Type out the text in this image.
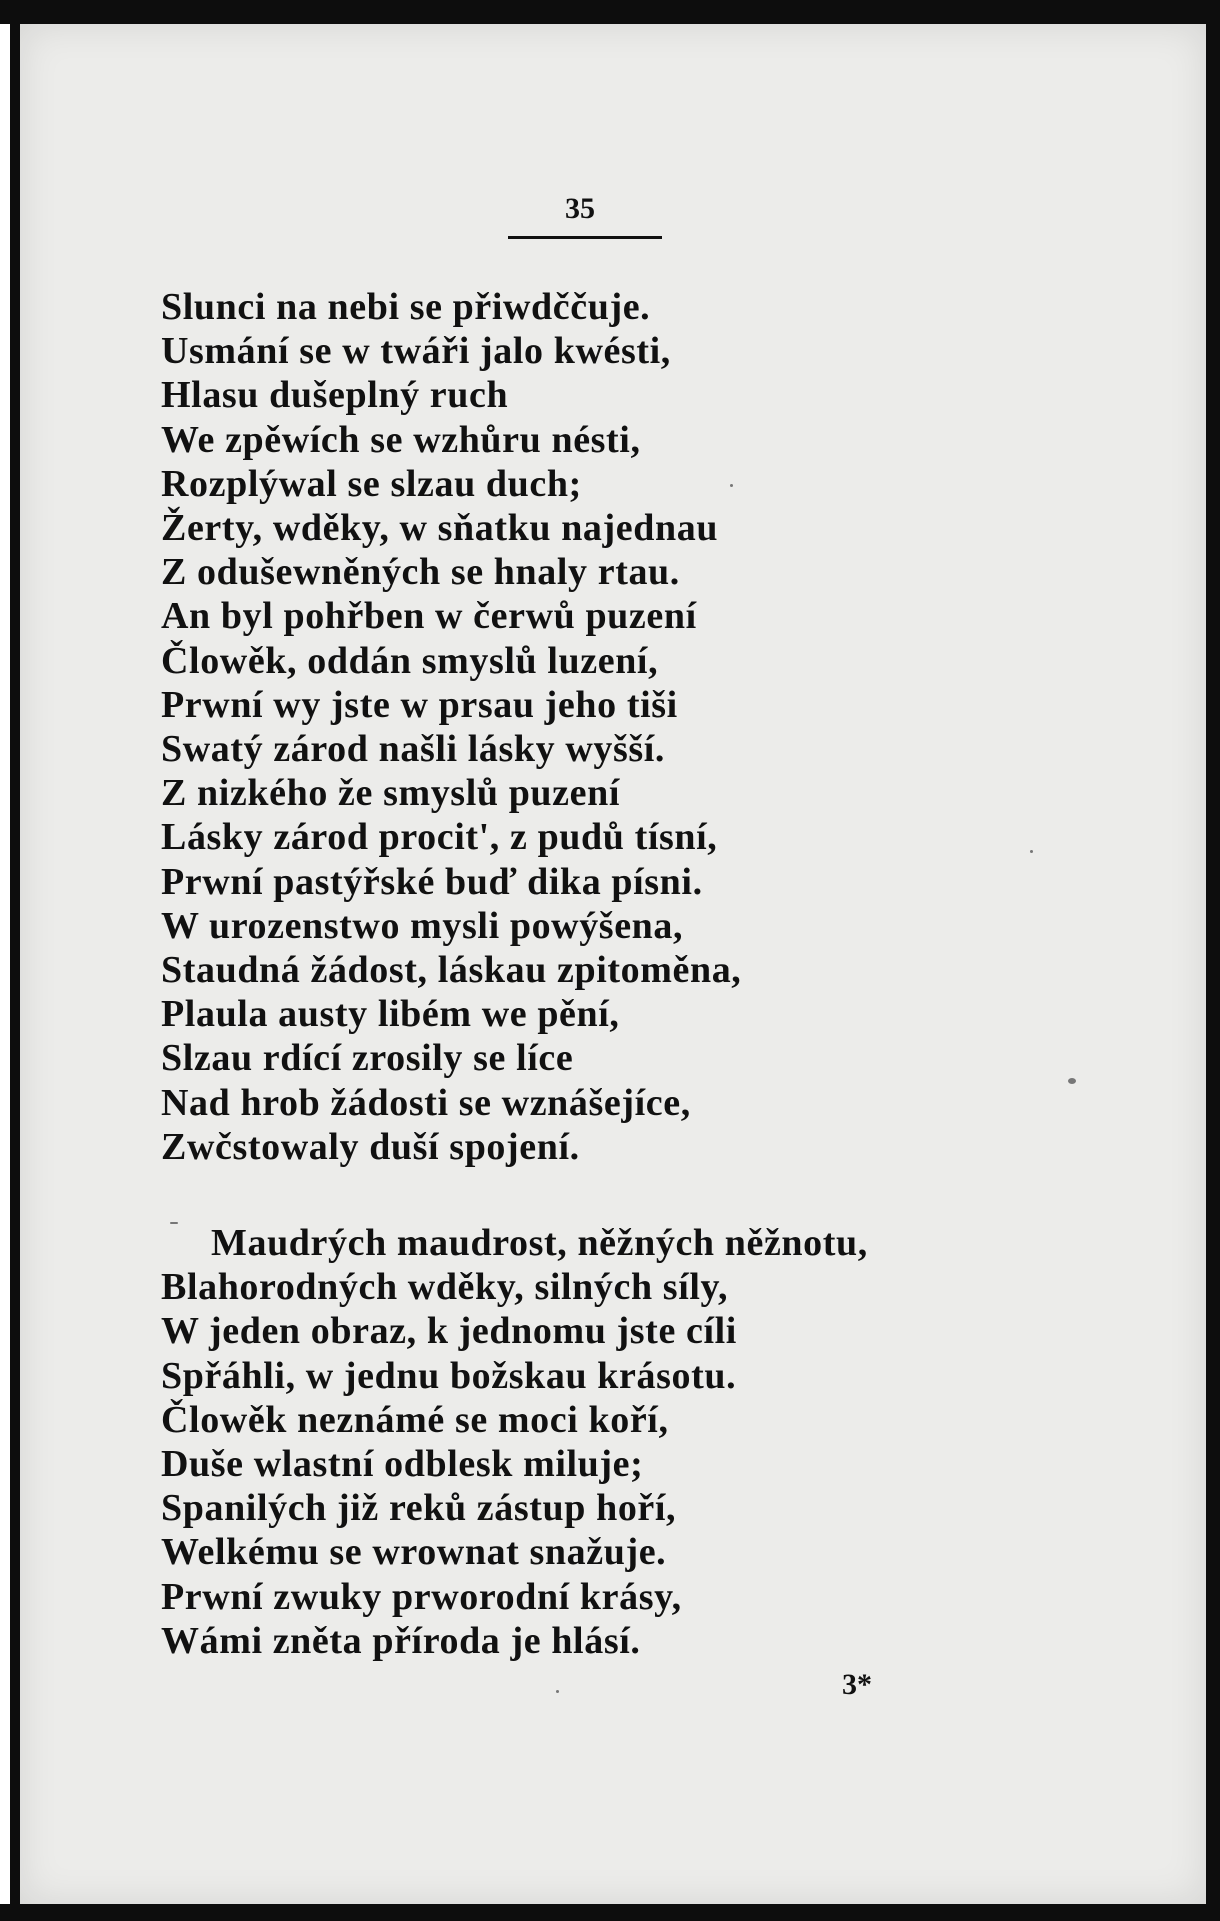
35
Slunci na nebi se přiwdččuje.
Usmání se w twáři jalo kwésti,
Hlasu dušeplný ruch
We zpěwích se wzhůru nésti,
Rozplýwal se slzau duch;
Žerty, wděky, w sňatku najednau
Z odušewněných se hnaly rtau.
An byl pohřben w čerwů puzení
Člowěk, oddán smyslů luzení,
Prwní wy jste w prsau jeho tiši
Swatý zárod našli lásky wyšší.
Z nizkého že smyslů puzení
Lásky zárod procit', z pudů tísní,
Prwní pastýřské buď dika písni.
W urozenstwo mysli powýšena,
Staudná žádost, láskau zpitoměna,
Plaula austy libém we pění,
Slzau rdící zrosily se líce
Nad hrob žádosti se wznášejíce,
Zwčstowaly duší spojení.
Maudrých maudrost, něžných něžnotu,
Blahorodných wděky, silných síly,
W jeden obraz, k jednomu jste cíli
Spřáhli, w jednu božskau krásotu.
Člowěk neznámé se moci koří,
Duše wlastní odblesk miluje;
Spanilých již reků zástup hoří,
Welkému se wrownat snažuje.
Prwní zwuky prworodní krásy,
Wámi zněta příroda je hlásí.
3*
